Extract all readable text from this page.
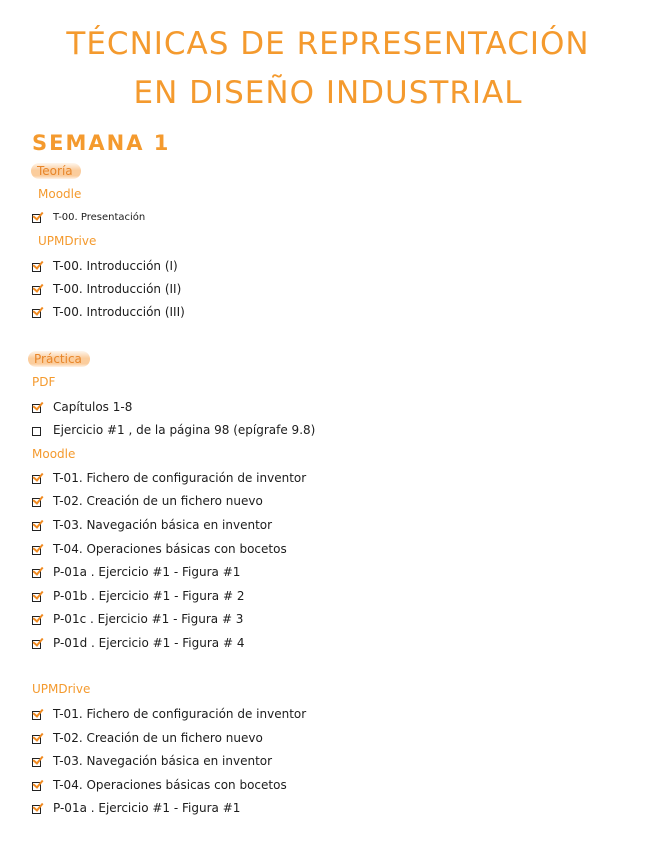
TÉCNICAS DE REPRESENTACIÓN
EN DISEÑO INDUSTRIAL
SEMANA 1
Teoría
Moodle
T-00. Presentación
UPMDrive
T-00. Introducción (I)
T-00. Introducción (II)
T-00. Introducción (III)
Práctica
PDF
Capítulos 1-8
Ejercicio #1 , de la página 98 (epígrafe 9.8)
Moodle
T-01. Fichero de configuración de inventor
T-02. Creación de un fichero nuevo
T-03. Navegación básica en inventor
T-04. Operaciones básicas con bocetos
P-01a . Ejercicio #1 - Figura #1
P-01b . Ejercicio #1 - Figura # 2
P-01c . Ejercicio #1 - Figura # 3
P-01d . Ejercicio #1 - Figura # 4
UPMDrive
T-01. Fichero de configuración de inventor
T-02. Creación de un fichero nuevo
T-03. Navegación básica en inventor
T-04. Operaciones básicas con bocetos
P-01a . Ejercicio #1 - Figura #1
